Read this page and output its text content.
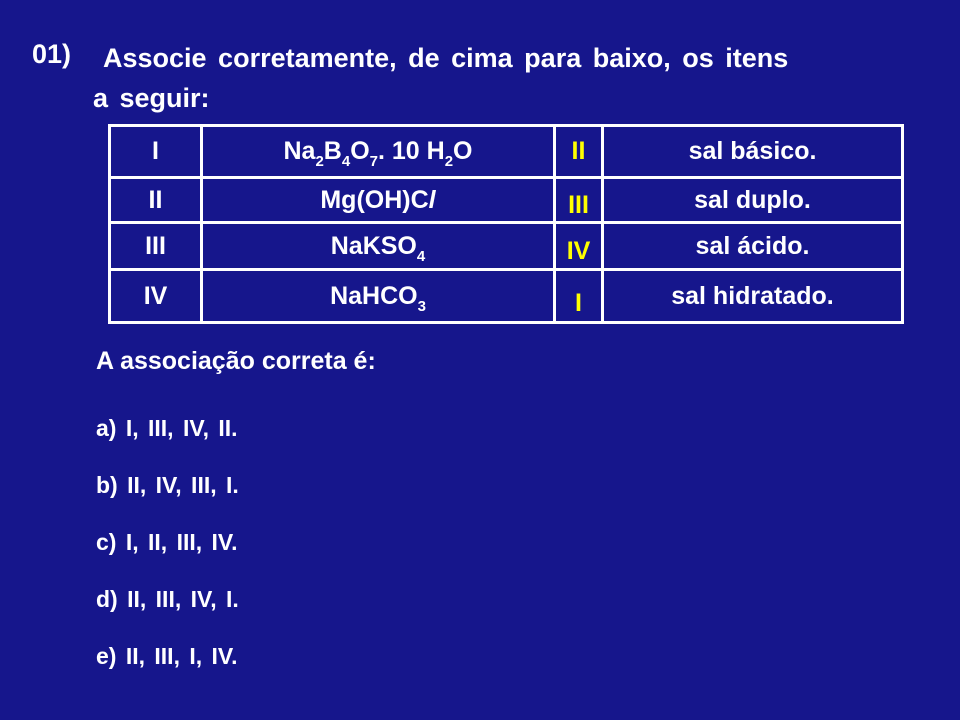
01) Associe corretamente, de cima para baixo, os itens
a seguir:
I	$Na_2B_4O_7$. 10 $H_2O$	II	sal básico.
II	Mg(OH)Cl	III	sal duplo.
III	NaKSO$_4$	IV	sal ácido.
IV	NaHCO$_3$	I	sal hidratado.
A associação correta é:
a) I, III, IV, II.
b) II, IV, III, I.
c) I, II, III, IV.
d) II, III, IV, I.
e) II, III, I, IV.
